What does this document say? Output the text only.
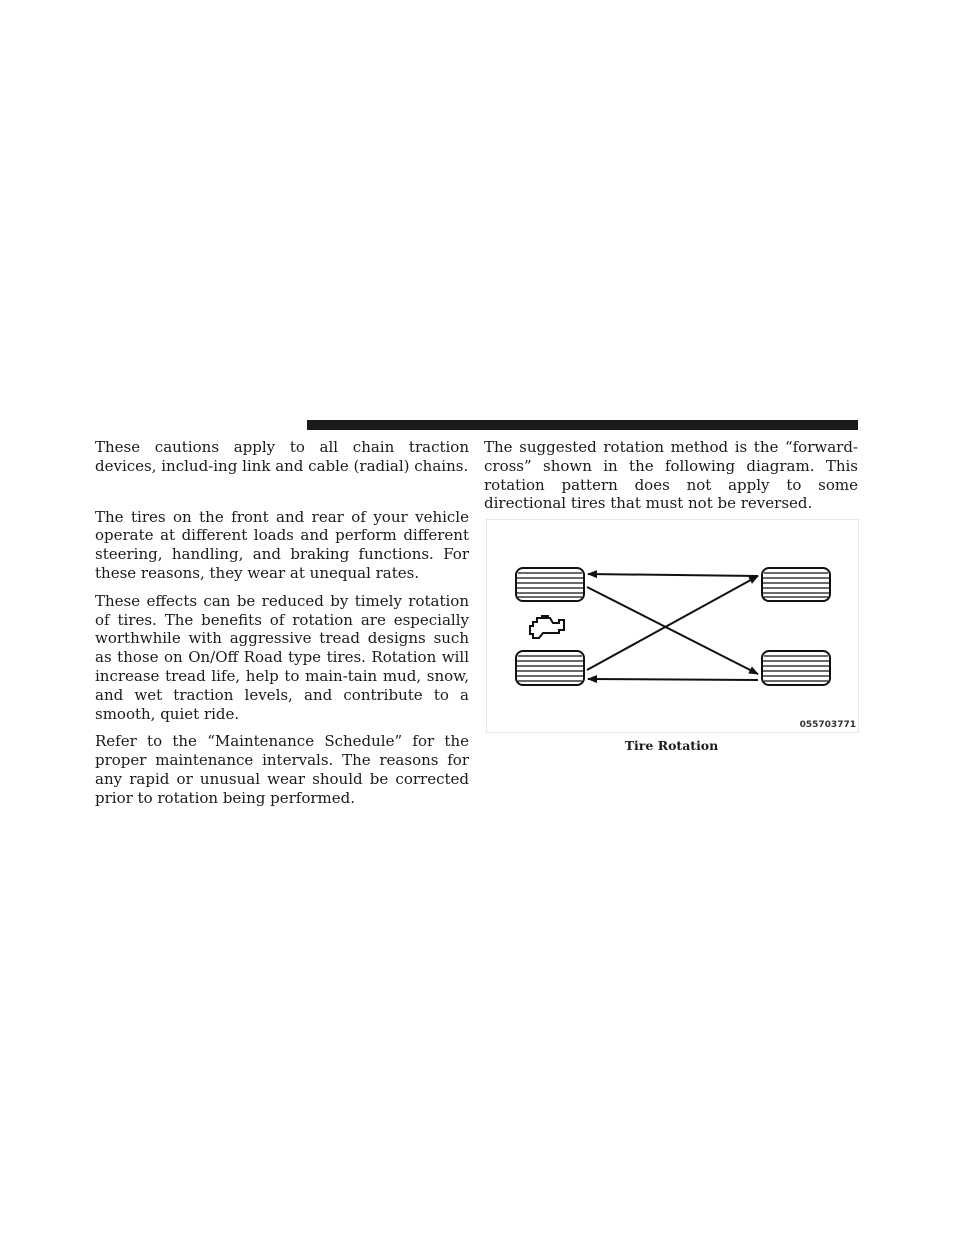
These cautions apply to all chain traction devices, includ-ing link and cable (radial) chains.

The tires on the front and rear of your vehicle operate at different loads and perform different steering, handling, and braking functions. For these reasons, they wear at unequal rates.

These effects can be reduced by timely rotation of tires. The benefits of rotation are especially worthwhile with aggressive tread designs such as those on On/Off Road type tires. Rotation will increase tread life, help to main-tain mud, snow, and wet traction levels, and contribute to a smooth, quiet ride.

Refer to the “Maintenance Schedule” for the proper maintenance intervals. The reasons for any rapid or unusual wear should be corrected prior to rotation being performed.

The suggested rotation method is the “forward-cross” shown in the following diagram. This rotation pattern does not apply to some directional tires that must not be reversed.

055703771
Tire Rotation
